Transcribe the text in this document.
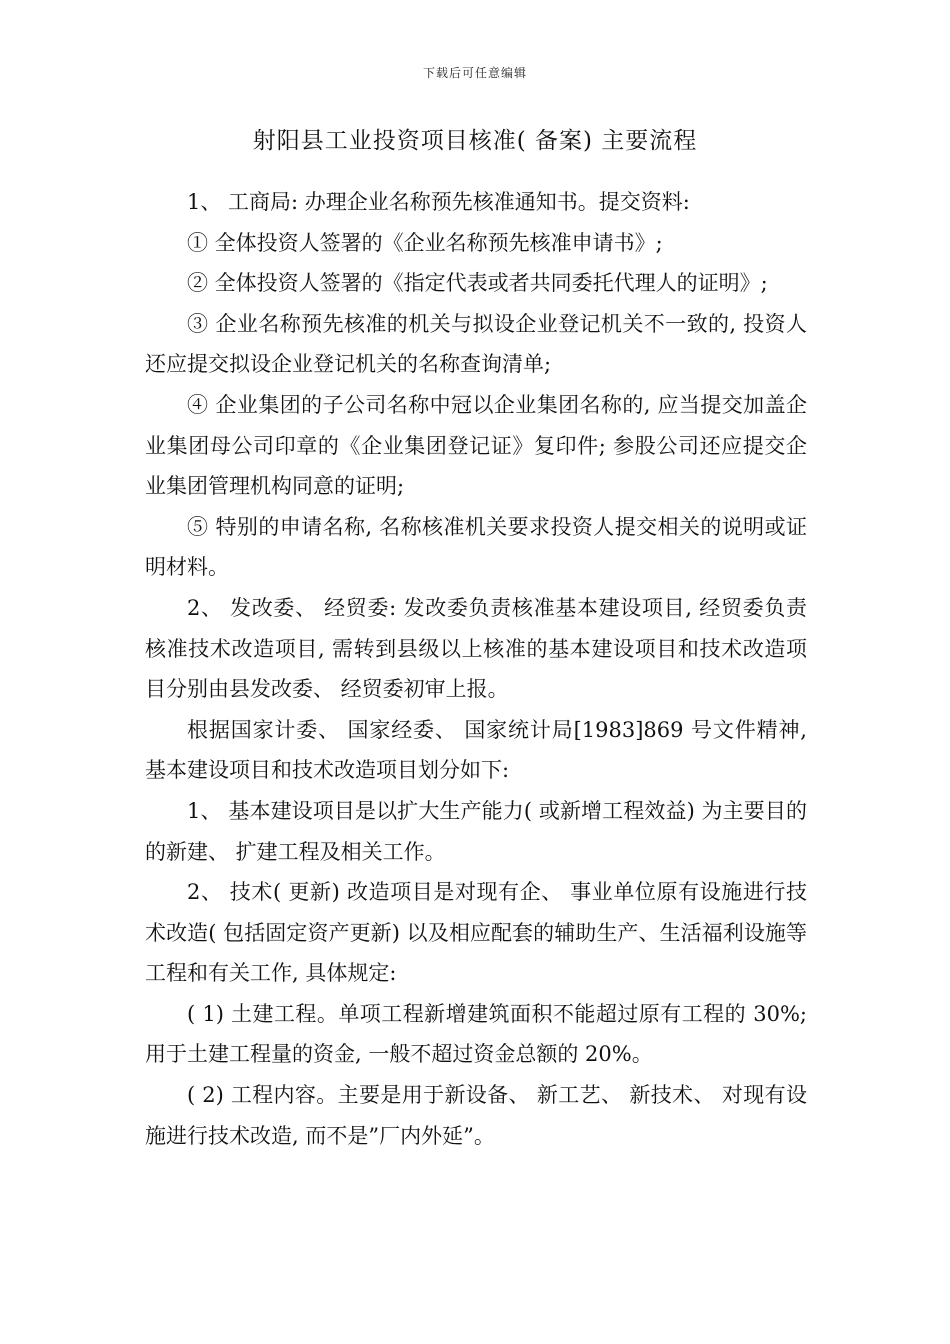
下载后可任意编辑
射阳县工业投资项目核准( 备案) 主要流程

1、 工商局: 办理企业名称预先核准通知书。提交资料:

① 全体投资人签署的《企业名称预先核准申请书》;

② 全体投资人签署的《指定代表或者共同委托代理人的证明》;

③ 企业名称预先核准的机关与拟设企业登记机关不一致的, 投资人还应提交拟设企业登记机关的名称查询清单;

④ 企业集团的子公司名称中冠以企业集团名称的, 应当提交加盖企业集团母公司印章的《企业集团登记证》复印件; 参股公司还应提交企业集团管理机构同意的证明;

⑤ 特别的申请名称, 名称核准机关要求投资人提交相关的说明或证明材料。

2、 发改委、 经贸委: 发改委负责核准基本建设项目, 经贸委负责核准技术改造项目, 需转到县级以上核准的基本建设项目和技术改造项目分别由县发改委、 经贸委初审上报。

根据国家计委、 国家经委、 国家统计局[1983]869 号文件精神, 基本建设项目和技术改造项目划分如下:

1、 基本建设项目是以扩大生产能力( 或新增工程效益) 为主要目的的新建、 扩建工程及相关工作。

2、 技术( 更新) 改造项目是对现有企、 事业单位原有设施进行技术改造( 包括固定资产更新) 以及相应配套的辅助生产、生活福利设施等工程和有关工作, 具体规定:

( 1) 土建工程。单项工程新增建筑面积不能超过原有工程的 30%; 用于土建工程量的资金, 一般不超过资金总额的 20%。

( 2) 工程内容。主要是用于新设备、 新工艺、 新技术、 对现有设施进行技术改造, 而不是”厂内外延”。
